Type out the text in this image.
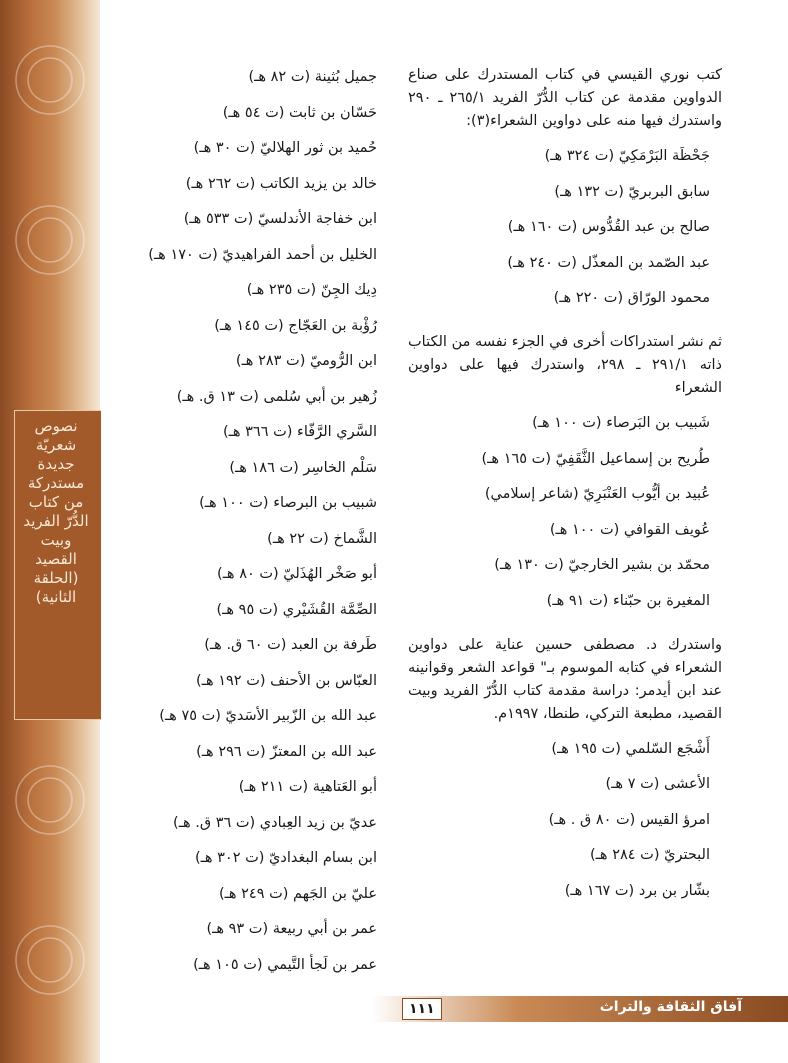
نصوص
شعريّة
جديدة
مستدركة
من كتاب
الدُّرّ الفريد
وبيت
القصيد
(الحلقة
الثانية)
جميل بُثينة (ت ٨٢ هـ)
حَسّان بن ثابت (ت ٥٤ هـ)
حُميد بن ثور الهلاليّ (ت ٣٠ هـ)
خالد بن يزيد الكاتب (ت ٢٦٢ هـ)
ابن خفاجة الأندلسيّ (ت ٥٣٣ هـ)
الخليل بن أحمد الفراهيديّ (ت ١٧٠ هـ)
دِيك الجِنّ (ت ٢٣٥ هـ)
رُؤْبة بن العَجّاج (ت ١٤٥ هـ)
ابن الرُّوميّ (ت ٢٨٣ هـ)
زُهير بن أبي سُلمى (ت ١٣ ق. هـ)
السَّري الرَّفّاء (ت ٣٦٦ هـ)
سَلْم الخاسِر (ت ١٨٦ هـ)
شبيب بن البرصاء (ت ١٠٠ هـ)
الشَّماخ (ت ٢٢ هـ)
أبو صَخْر الهُذَليّ (ت ٨٠ هـ)
الصِّمَّة القُشَيْري (ت ٩٥ هـ)
طَرفة بن العبد (ت ٦٠ ق. هـ)
العبّاس بن الأحنف (ت ١٩٢ هـ)
عبد الله بن الزّبير الأسَديّ (ت ٧٥ هـ)
عبد الله بن المعتزّ (ت ٢٩٦ هـ)
أبو العَتاهية (ت ٢١١ هـ)
عديّ بن زيد العِبادي (ت ٣٦ ق. هـ)
ابن بسام البغداديّ (ت ٣٠٢ هـ)
عليّ بن الجَهم (ت ٢٤٩ هـ)
عمر بن أبي ربيعة (ت ٩٣ هـ)
عمر بن لَجأ التَّيمي (ت ١٠٥ هـ)

كتب نوري القيسي في كتاب المستدرك على صناع الدواوين مقدمة عن كتاب الدُّرّ الفريد ٢٦٥/١ ـ ٢٩٠ واستدرك فيها منه على دواوين الشعراء(٣):

جَحْظَة البَرْمَكِيّ (ت ٣٢٤ هـ)
سابق البربريّ (ت ١٣٢ هـ)
صالح بن عبد القُدُّوس (ت ١٦٠ هـ)
عبد الصّمد بن المعذّل (ت ٢٤٠ هـ)
محمود الورّاق (ت ٢٢٠ هـ)

ثم نشر استدراكات أخرى في الجزء نفسه من الكتاب ذاته ٢٩١/١ ـ ٢٩٨، واستدرك فيها على دواوين الشعراء

شَبيب بن البَرصاء (ت ١٠٠ هـ)
طُريح بن إسماعيل الثَّقَفِيّ (ت ١٦٥ هـ)
عُبيد بن أيُّوب العَنْبَرِيّ (شاعر إسلامي)
عُويف القوافي (ت ١٠٠ هـ)
محمّد بن بشير الخارجيّ (ت ١٣٠ هـ)
المغيرة بن حبّناء (ت ٩١ هـ)

واستدرك د. مصطفى حسين عناية على دواوين الشعراء في كتابه الموسوم بـ" قواعد الشعر وقوانينه عند ابن أيدمر: دراسة مقدمة كتاب الدُّرّ الفريد وبيت القصيد، مطبعة التركي، طنطا، ١٩٩٧م.

أَشْجَع السّلمي (ت ١٩٥ هـ)
الأعشى (ت ٧ هـ)
امرؤ القيس (ت ٨٠ ق . هـ)
البحتريّ (ت ٢٨٤ هـ)
بشّار بن برد (ت ١٦٧ هـ)
١١١	آفاق الثقافة والتراث
